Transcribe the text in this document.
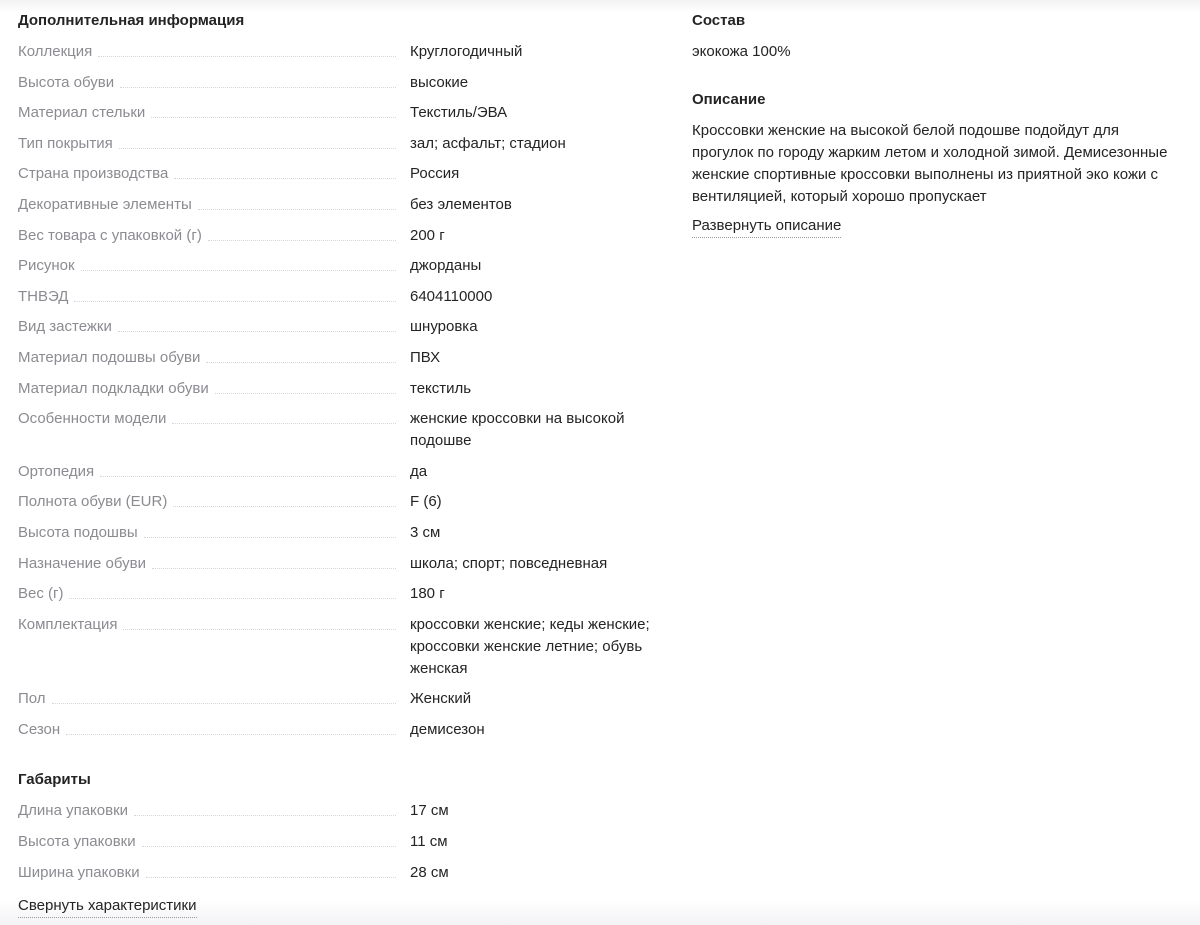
Дополнительная информация
Коллекция	Круглогодичный
Высота обуви	высокие
Материал стельки	Текстиль/ЭВА
Тип покрытия	зал; асфальт; стадион
Страна производства	Россия
Декоративные элементы	без элементов
Вес товара с упаковкой (г)	200 г
Рисунок	джорданы
ТНВЭД	6404110000
Вид застежки	шнуровка
Материал подошвы обуви	ПВХ
Материал подкладки обуви	текстиль
Особенности модели	женские кроссовки на высокой подошве
Ортопедия	да
Полнота обуви (EUR)	F (6)
Высота подошвы	3 см
Назначение обуви	школа; спорт; повседневная
Вес (г)	180 г
Комплектация	кроссовки женские; кеды женские; кроссовки женские летние; обувь женская
Пол	Женский
Сезон	демисезон
Габариты
Длина упаковки	17 см
Высота упаковки	11 см
Ширина упаковки	28 см
Свернуть характеристики
Состав
экокожа 100%
Описание
Кроссовки женские на высокой белой подошве подойдут для прогулок по городу жарким летом и холодной зимой. Демисезонные женские спортивные кроссовки выполнены из приятной эко кожи с вентиляцией, который хорошо пропускает
Развернуть описание
